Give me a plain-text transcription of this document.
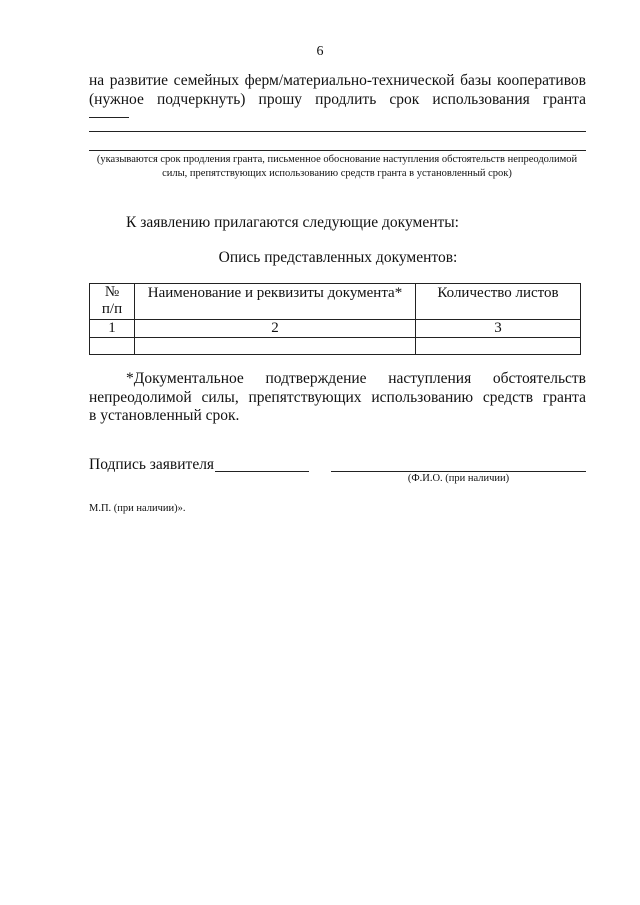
6
на развитие семейных ферм/материально-технической базы кооперативов
(нужное подчеркнуть) прошу продлить срок использования гранта
(указываются срок продления гранта, письменное обоснование наступления обстоятельств непреодолимой
силы, препятствующих использованию средств гранта в установленный срок)
К заявлению прилагаются следующие документы:
Опись представленных документов:
№
п/п	Наименование и реквизиты документа*	Количество листов
1	2	3

*Документальное подтверждение наступления обстоятельств
непреодолимой силы, препятствующих использованию средств гранта
в установленный срок.
Подпись заявителя
(Ф.И.О. (при наличии)
М.П. (при наличии)».
